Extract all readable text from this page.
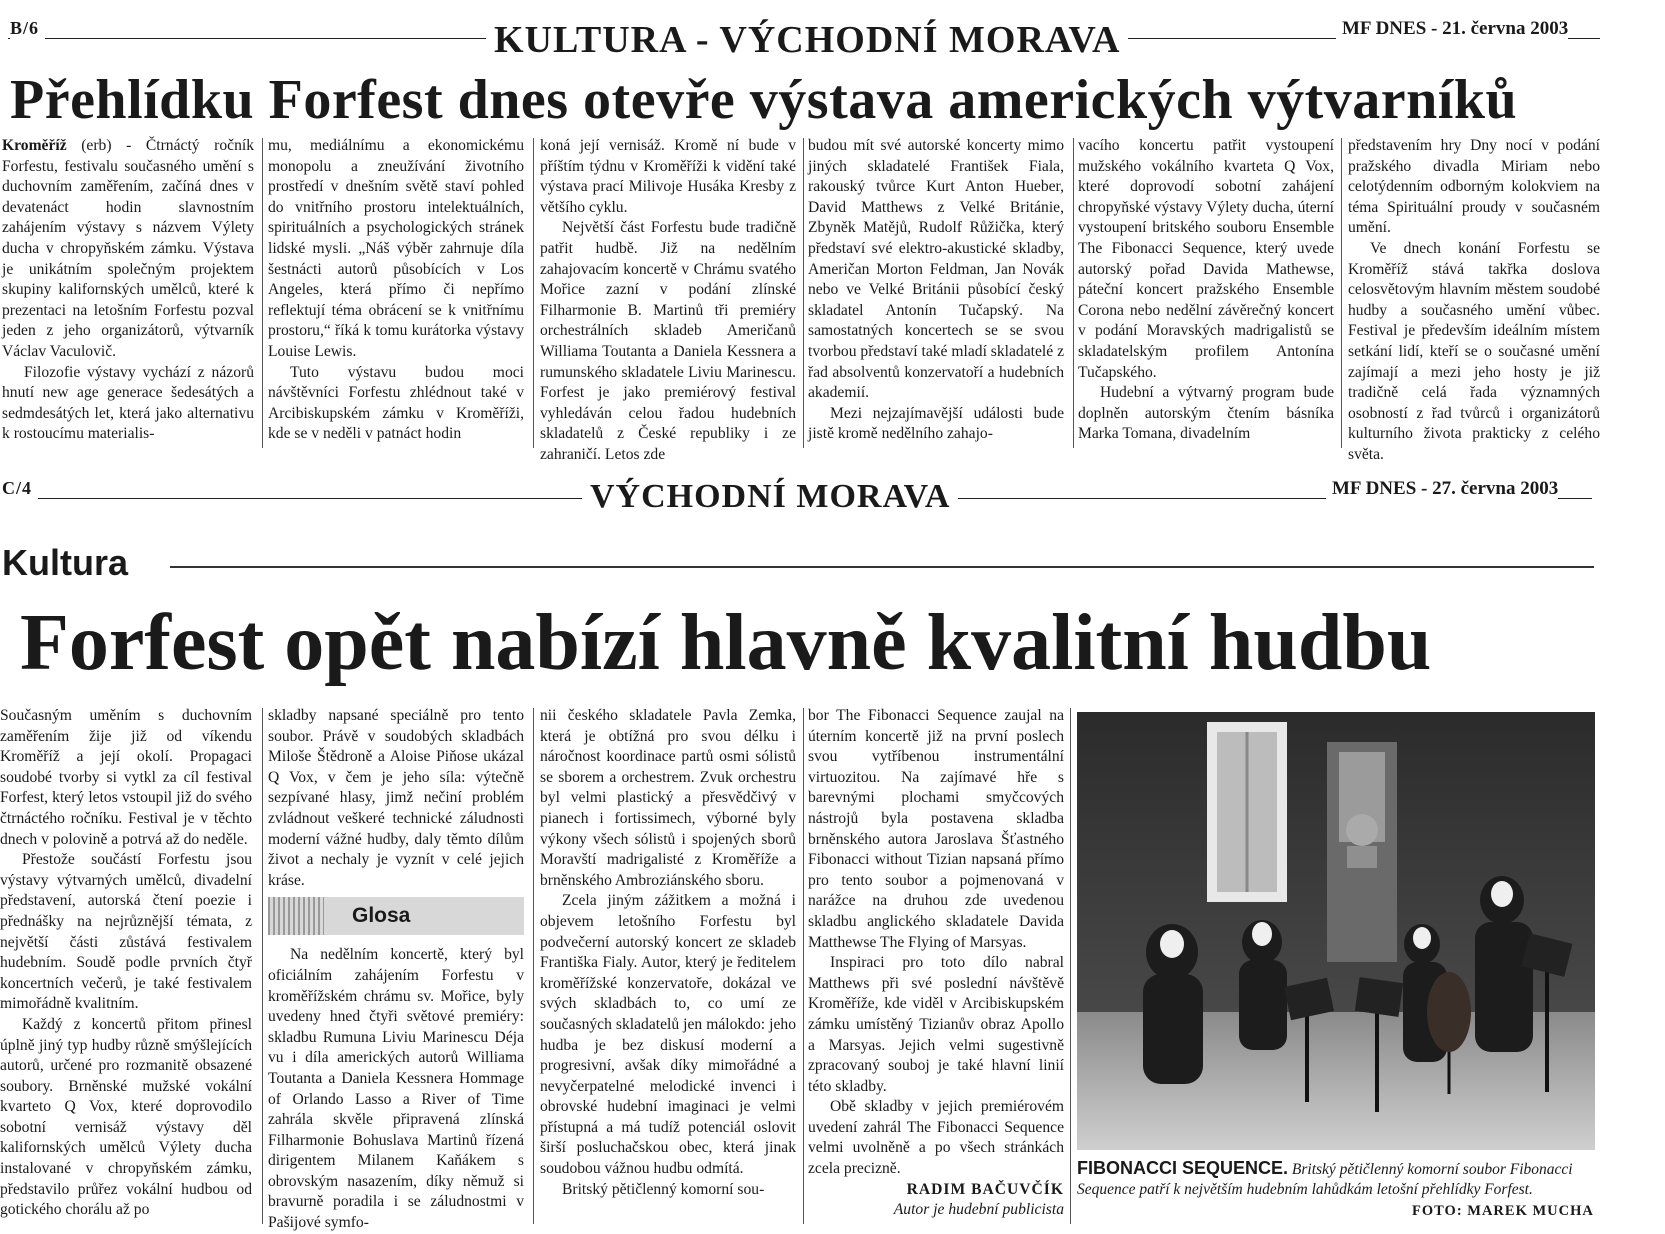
B/6	KULTURA - VÝCHODNÍ MORAVA	MF DNES - 21. června 2003
Přehlídku Forfest dnes otevře výstava amerických výtvarníků

Kroměříž (erb) - Čtrnáctý ročník Forfestu, festivalu současného umění s duchovním zaměřením, začíná dnes v devatenáct hodin slavnostním zahájením výstavy s názvem Výlety ducha v chropyňském zámku. Výstava je unikátním společným projektem skupiny kalifornských umělců, které k prezentaci na letošním Forfestu pozval jeden z jeho organizátorů, výtvarník Václav Vaculovič.

Filozofie výstavy vychází z názorů hnutí new age generace šedesátých a sedmdesátých let, která jako alternativu k rostoucímu materialis-

mu, mediálnímu a ekonomickému monopolu a zneužívání životního prostředí v dnešním světě staví pohled do vnitřního prostoru intelektuálních, spirituálních a psychologických stránek lidské mysli. „Náš výběr zahrnuje díla šestnácti autorů působících v Los Angeles, která přímo či nepřímo reflektují téma obrácení se k vnitřnímu prostoru,“ říká k tomu kurátorka výstavy Louise Lewis.

Tuto výstavu budou moci návštěvníci Forfestu zhlédnout také v Arcibiskupském zámku v Kroměříži, kde se v neděli v patnáct hodin

koná její vernisáž. Kromě ní bude v příštím týdnu v Kroměříži k vidění také výstava prací Milivoje Husáka Kresby z většího cyklu.

Největší část Forfestu bude tradičně patřit hudbě. Již na nedělním zahajovacím koncertě v Chrámu svatého Mořice zazní v podání zlínské Filharmonie B. Martinů tři premiéry orchestrálních skladeb Američanů Williama Toutanta a Daniela Kessnera a rumunského skladatele Liviu Marinescu. Forfest je jako premiérový festival vyhledáván celou řadou hudebních skladatelů z České republiky i ze zahraničí. Letos zde

budou mít své autorské koncerty mimo jiných skladatelé František Fiala, rakouský tvůrce Kurt Anton Hueber, David Matthews z Velké Británie, Zbyněk Matějů, Rudolf Růžička, který představí své elektro-akustické skladby, Američan Morton Feldman, Jan Novák nebo ve Velké Británii působící český skladatel Antonín Tučapský. Na samostatných koncertech se se svou tvorbou představí také mladí skladatelé z řad absolventů konzervatoří a hudebních akademií.

Mezi nejzajímavější události bude jistě kromě nedělního zahajo-

vacího koncertu patřit vystoupení mužského vokálního kvarteta Q Vox, které doprovodí sobotní zahájení chropyňské výstavy Výlety ducha, úterní vystoupení britského souboru Ensemble The Fibonacci Sequence, který uvede autorský pořad Davida Mathewse, páteční koncert pražského Ensemble Corona nebo nedělní závěrečný koncert v podání Moravských madrigalistů se skladatelským profilem Antonína Tučapského.

Hudební a výtvarný program bude doplněn autorským čtením básníka Marka Tomana, divadelním

představením hry Dny nocí v podání pražského divadla Miriam nebo celotýdenním odborným kolokviem na téma Spirituální proudy v současném umění.

Ve dnech konání Forfestu se Kroměříž stává takřka doslova celosvětovým hlavním městem soudobé hudby a současného umění vůbec. Festival je především ideálním místem setkání lidí, kteří se o současné umění zajímají a mezi jeho hosty je již tradičně celá řada významných osobností z řad tvůrců i organizátorů kulturního života prakticky z celého světa.

C/4	VÝCHODNÍ MORAVA	MF DNES - 27. června 2003
Kultura
Forfest opět nabízí hlavně kvalitní hudbu

Současným uměním s duchovním zaměřením žije již od víkendu Kroměříž a její okolí. Propagaci soudobé tvorby si vytkl za cíl festival Forfest, který letos vstoupil již do svého čtrnáctého ročníku. Festival je v těchto dnech v polovině a potrvá až do neděle.

Přestože součástí Forfestu jsou výstavy výtvarných umělců, divadelní představení, autorská čtení poezie i přednášky na nejrůznější témata, z největší části zůstává festivalem hudebním. Soudě podle prvních čtyř koncertních večerů, je také festivalem mimořádně kvalitním.

Každý z koncertů přitom přinesl úplně jiný typ hudby různě smýšlejících autorů, určené pro rozmanitě obsazené soubory. Brněnské mužské vokální kvarteto Q Vox, které doprovodilo sobotní vernisáž výstavy děl kalifornských umělců Výlety ducha instalované v chropyňském zámku, představilo průřez vokální hudbou od gotického chorálu až po

skladby napsané speciálně pro tento soubor. Právě v soudobých skladbách Miloše Štědroně a Aloise Piňose ukázal Q Vox, v čem je jeho síla: výtečně sezpívané hlasy, jimž nečiní problém zvládnout veškeré technické záludnosti moderní vážné hudby, daly těmto dílům život a nechaly je vyznít v celé jejich kráse.

Glosa

Na nedělním koncertě, který byl oficiálním zahájením Forfestu v kroměřížském chrámu sv. Mořice, byly uvedeny hned čtyři světové premiéry: skladbu Rumuna Liviu Marinescu Déja vu i díla amerických autorů Williama Toutanta a Daniela Kessnera Hommage of Orlando Lasso a River of Time zahrála skvěle připravená zlínská Filharmonie Bohuslava Martinů řízená dirigentem Milanem Kaňákem s obrovským nasazením, díky němuž si bravurně poradila i se záludnostmi v Pašijové symfo-

nii českého skladatele Pavla Zemka, která je obtížná pro svou délku i náročnost koordinace partů osmi sólistů se sborem a orchestrem. Zvuk orchestru byl velmi plastický a přesvědčivý v pianech i fortissimech, výborné byly výkony všech sólistů i spojených sborů Moravští madrigalisté z Kroměříže a brněnského Ambroziánského sboru.

Zcela jiným zážitkem a možná i objevem letošního Forfestu byl podvečerní autorský koncert ze skladeb Františka Fialy. Autor, který je ředitelem kroměřížské konzervatoře, dokázal ve svých skladbách to, co umí ze současných skladatelů jen málokdo: jeho hudba je bez diskusí moderní a progresivní, avšak díky mimořádné a nevyčerpatelné melodické invenci i obrovské hudební imaginaci je velmi přístupná a má tudíž potenciál oslovit širší posluchačskou obec, která jinak soudobou vážnou hudbu odmítá.

Britský pětičlenný komorní sou-

bor The Fibonacci Sequence zaujal na úterním koncertě již na první poslech svou vytříbenou instrumentální virtuozitou. Na zajímavé hře s barevnými plochami smyčcových nástrojů byla postavena skladba brněnského autora Jaroslava Šťastného Fibonacci without Tizian napsaná přímo pro tento soubor a pojmenovaná v narážce na druhou zde uvedenou skladbu anglického skladatele Davida Matthewse The Flying of Marsyas.

Inspiraci pro toto dílo nabral Matthews při své poslední návštěvě Kroměříže, kde viděl v Arcibiskupském zámku umístěný Tizianův obraz Apollo a Marsyas. Jejich velmi sugestivně zpracovaný souboj je také hlavní linií této skladby.

Obě skladby v jejich premiérovém uvedení zahrál The Fibonacci Sequence velmi uvolněně a po všech stránkách zcela precizně.

RADIM BAČUVČÍK
Autor je hudební publicista
FIBONACCI SEQUENCE. Britský pětičlenný komorní soubor Fibonacci Sequence patří k největším hudebním lahůdkám letošní přehlídky Forfest.
FOTO: MAREK MUCHA
